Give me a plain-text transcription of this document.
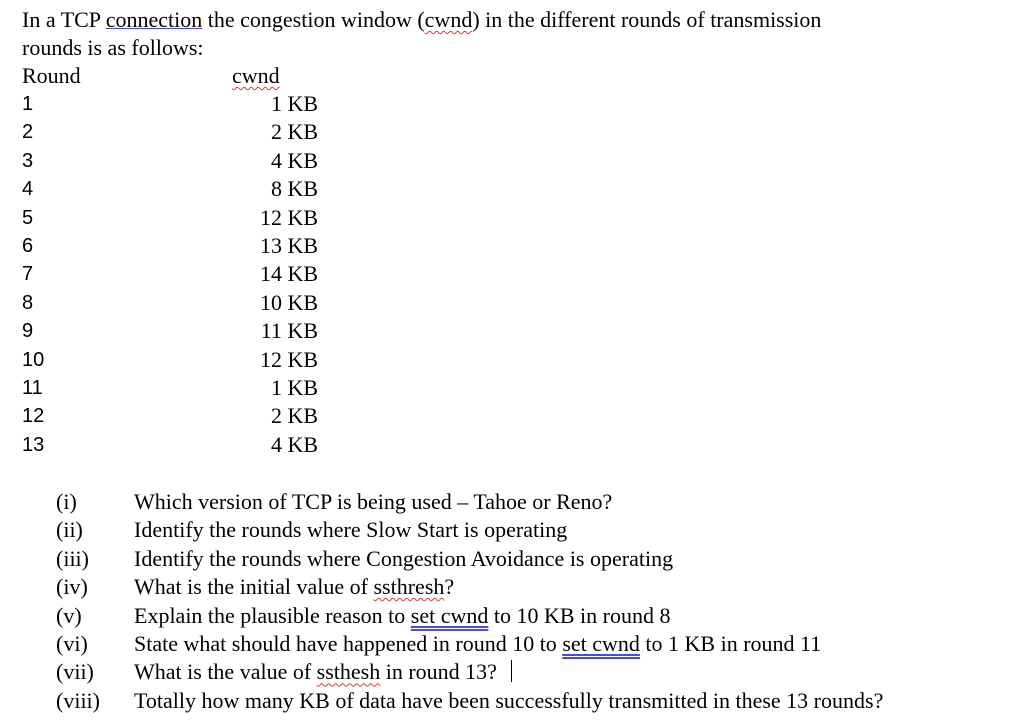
In a TCP connection the congestion window (cwnd) in the different rounds of transmission
rounds is as follows:

Round	cwnd
1	1 KB
2	2 KB
3	4 KB
4	8 KB
5	12 KB
6	13 KB
7	14 KB
8	10 KB
9	11 KB
10	12 KB
11	1 KB
12	2 KB
13	4 KB
(i)	Which version of TCP is being used – Tahoe or Reno?
(ii)	Identify the rounds where Slow Start is operating
(iii)	Identify the rounds where Congestion Avoidance is operating
(iv)	What is the initial value of ssthresh?
(v)	Explain the plausible reason to set cwnd to 10 KB in round 8
(vi)	State what should have happened in round 10 to set cwnd to 1 KB in round 11
(vii)	What is the value of ssthesh in round 13?
(viii)	Totally how many KB of data have been successfully transmitted in these 13 rounds?
